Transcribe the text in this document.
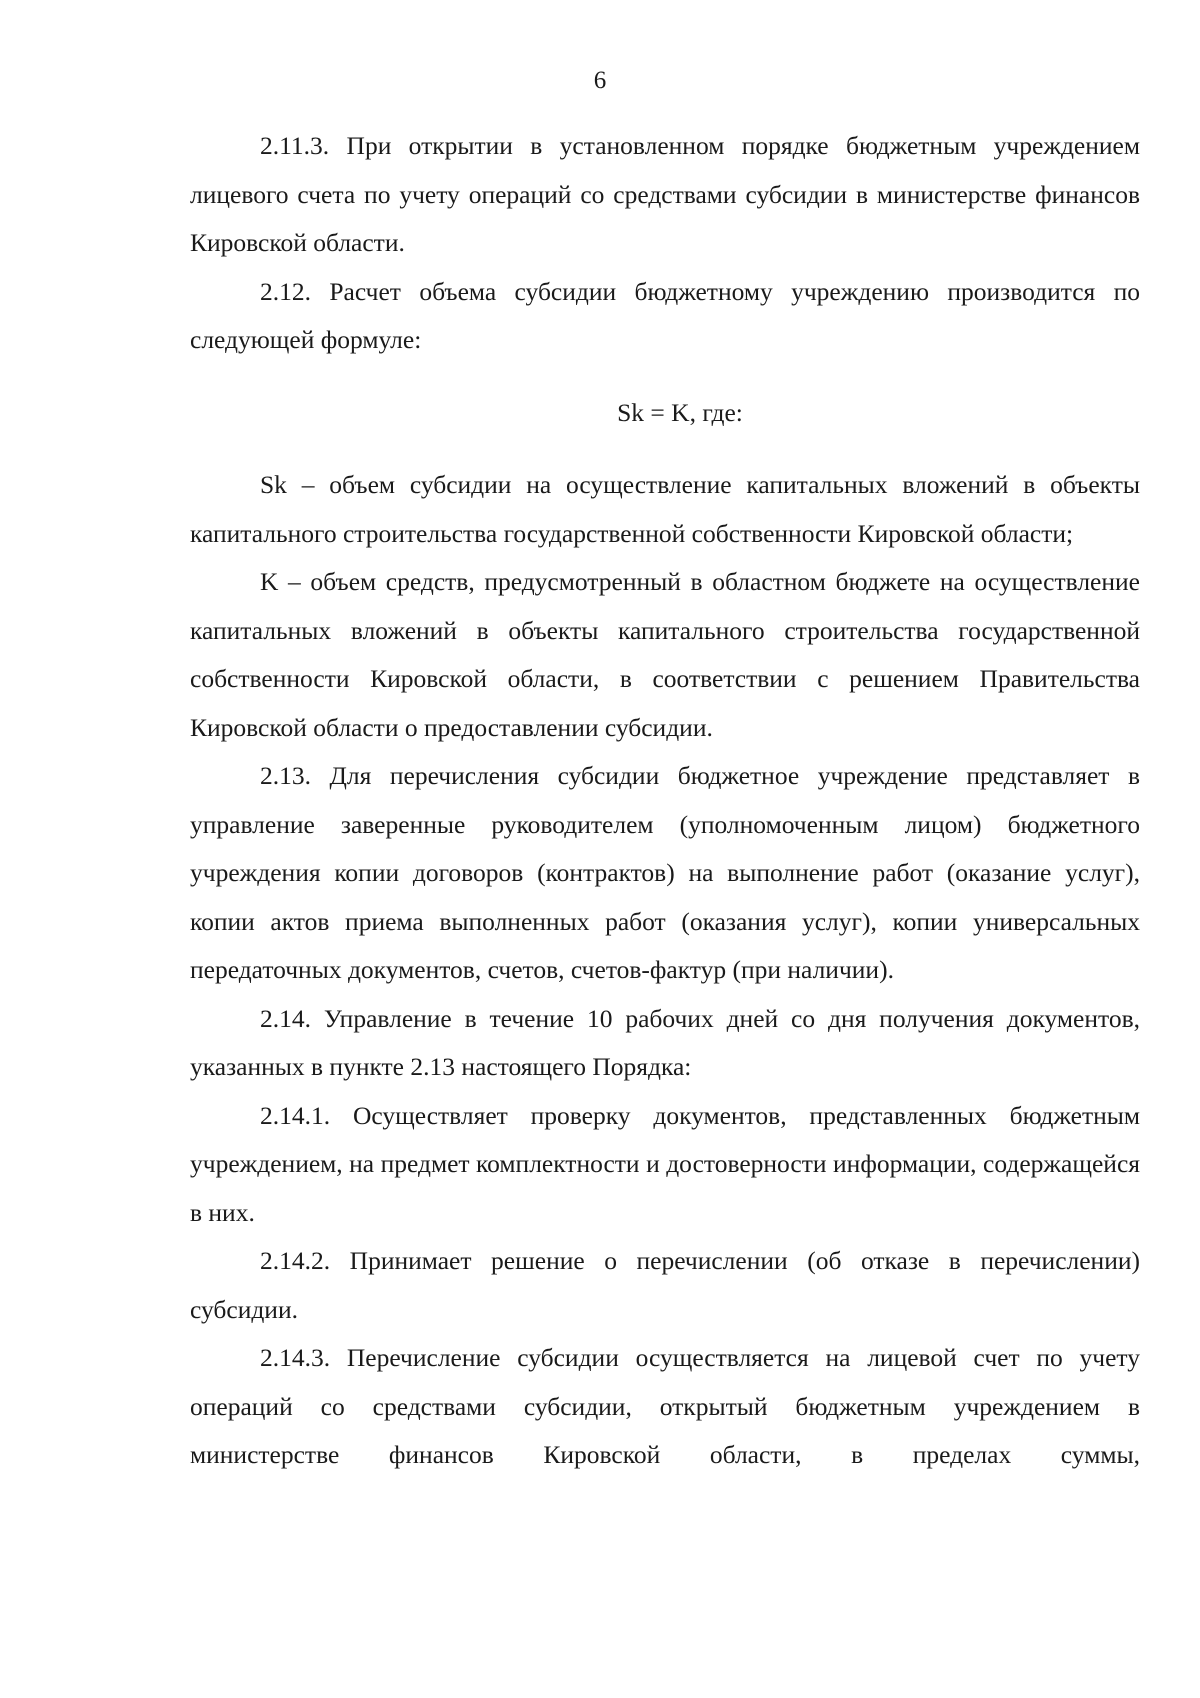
6

2.11.3. При открытии в установленном порядке бюджетным учреждением лицевого счета по учету операций со средствами субсидии в министерстве финансов Кировской области.

2.12. Расчет объема субсидии бюджетному учреждению производится по следующей формуле:

Sk = K, где:

Sk – объем субсидии на осуществление капитальных вложений в объекты капитального строительства государственной собственности Кировской области;

K – объем средств, предусмотренный в областном бюджете на осуществление капитальных вложений в объекты капитального строительства государственной собственности Кировской области, в соответствии с решением Правительства Кировской области о предоставлении субсидии.

2.13. Для перечисления субсидии бюджетное учреждение представляет в управление заверенные руководителем (уполномоченным лицом) бюджетного учреждения копии договоров (контрактов) на выполнение работ (оказание услуг), копии актов приема выполненных работ (оказания услуг), копии универсальных передаточных документов, счетов, счетов-фактур (при наличии).

2.14. Управление в течение 10 рабочих дней со дня получения документов, указанных в пункте 2.13 настоящего Порядка:

2.14.1. Осуществляет проверку документов, представленных бюджетным учреждением, на предмет комплектности и достоверности информации, содержащейся в них.

2.14.2. Принимает решение о перечислении (об отказе в перечислении) субсидии.

2.14.3. Перечисление субсидии осуществляется на лицевой счет по учету операций со средствами субсидии, открытый бюджетным учреждением в министерстве финансов Кировской области, в пределах суммы,
